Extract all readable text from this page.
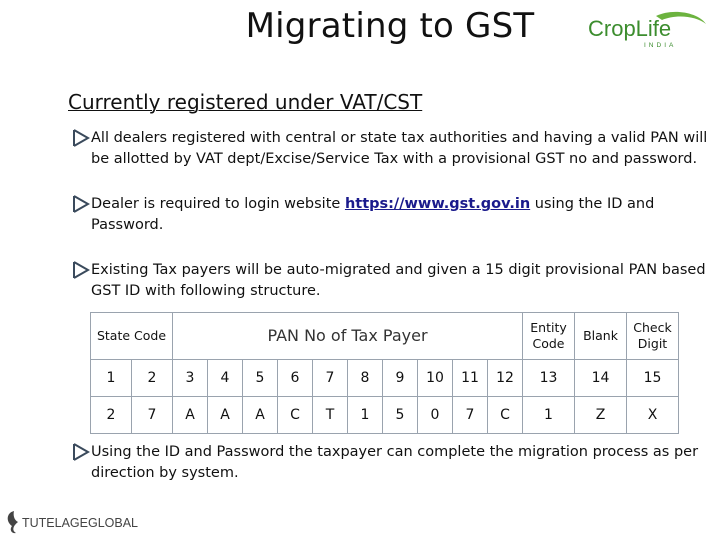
Migrating to GST	CropLife
INDIA
Currently registered under VAT/CST
All dealers registered with central or state tax authorities and having a valid PAN will be allotted by VAT dept/Excise/Service Tax with a provisional GST no and password.
Dealer is required to login website https://www.gst.gov.in using the ID and Password.
Existing Tax payers will be auto-migrated and given a 15 digit provisional PAN based GST ID with following structure.
State Code		PAN No of Tax Payer										Entity Code	Blank	Check Digit
1	2	3	4	5	6	7	8	9	10	11	12	13	14	15
2	7	A	A	A	C	T	1	5	0	7	C	1	Z	X
Using the ID and Password the taxpayer can complete the migration process as per direction by system.
TUTELAGEGLOBAL
